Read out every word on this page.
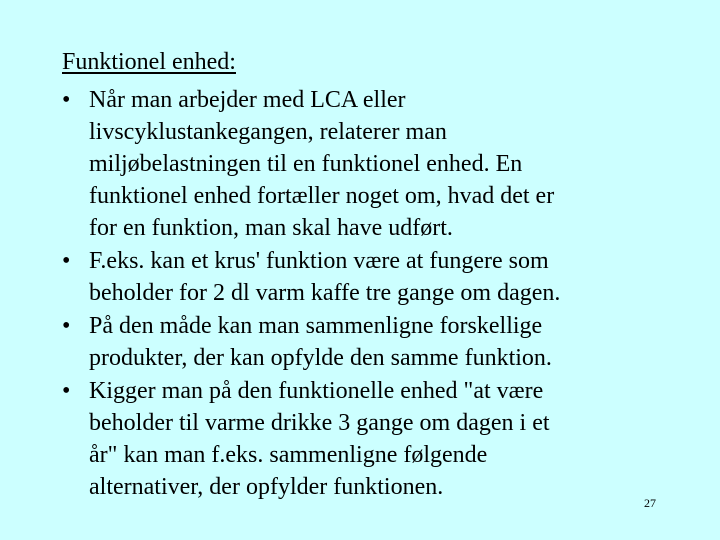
Funktionel enhed:
• Når man arbejder med LCA eller
livscyklustankegangen, relaterer man
miljøbelastningen til en funktionel enhed. En
funktionel enhed fortæller noget om, hvad det er
for en funktion, man skal have udført.
• F.eks. kan et krus' funktion være at fungere som
beholder for 2 dl varm kaffe tre gange om dagen.
• På den måde kan man sammenligne forskellige
produkter, der kan opfylde den samme funktion.
• Kigger man på den funktionelle enhed "at være
beholder til varme drikke 3 gange om dagen i et
år" kan man f.eks. sammenligne følgende
alternativer, der opfylder funktionen.
27
